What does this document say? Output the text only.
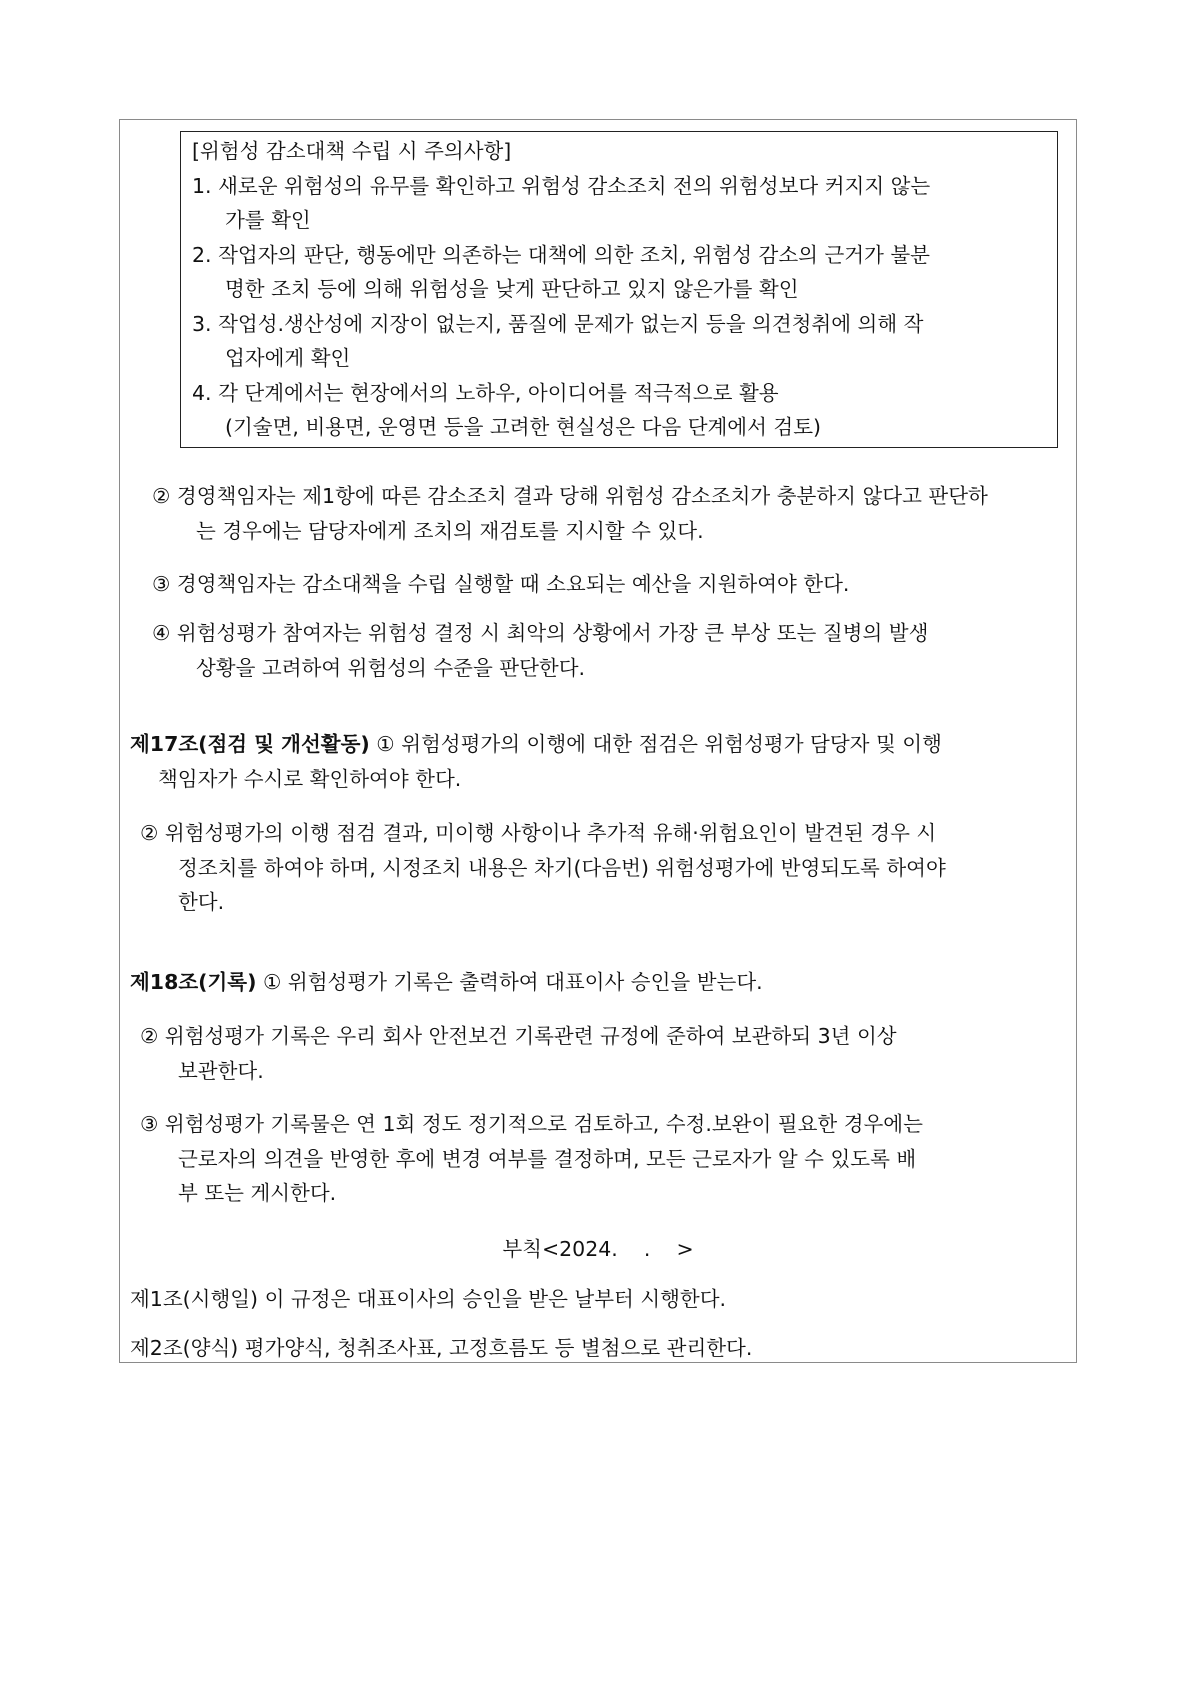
[위험성 감소대책 수립 시 주의사항]
1. 새로운 위험성의 유무를 확인하고 위험성 감소조치 전의 위험성보다 커지지 않는
가를 확인
2. 작업자의 판단, 행동에만 의존하는 대책에 의한 조치, 위험성 감소의 근거가 불분
명한 조치 등에 의해 위험성을 낮게 판단하고 있지 않은가를 확인
3. 작업성.생산성에 지장이 없는지, 품질에 문제가 없는지 등을 의견청취에 의해 작
업자에게 확인
4. 각 단계에서는 현장에서의 노하우, 아이디어를 적극적으로 활용
(기술면, 비용면, 운영면 등을 고려한 현실성은 다음 단계에서 검토)
② 경영책임자는 제1항에 따른 감소조치 결과 당해 위험성 감소조치가 충분하지 않다고 판단하
는 경우에는 담당자에게 조치의 재검토를 지시할 수 있다.
③ 경영책임자는 감소대책을 수립 실행할 때 소요되는 예산을 지원하여야 한다.
④ 위험성평가 참여자는 위험성 결정 시 최악의 상황에서 가장 큰 부상 또는 질병의 발생
상황을 고려하여 위험성의 수준을 판단한다.
제17조(점검 및 개선활동) ① 위험성평가의 이행에 대한 점검은 위험성평가 담당자 및 이행
책임자가 수시로 확인하여야 한다.
② 위험성평가의 이행 점검 결과, 미이행 사항이나 추가적 유해·위험요인이 발견된 경우 시
정조치를 하여야 하며, 시정조치 내용은 차기(다음번) 위험성평가에 반영되도록 하여야
한다.
제18조(기록) ① 위험성평가 기록은 출력하여 대표이사 승인을 받는다.
② 위험성평가 기록은 우리 회사 안전보건 기록관련 규정에 준하여 보관하되 3년 이상
보관한다.
③ 위험성평가 기록물은 연 1회 정도 정기적으로 검토하고, 수정.보완이 필요한 경우에는
근로자의 의견을 반영한 후에 변경 여부를 결정하며, 모든 근로자가 알 수 있도록 배
부 또는 게시한다.
부칙<2024.    .    >
제1조(시행일) 이 규정은 대표이사의 승인을 받은 날부터 시행한다.
제2조(양식) 평가양식, 청취조사표, 고정흐름도 등 별첨으로 관리한다.
